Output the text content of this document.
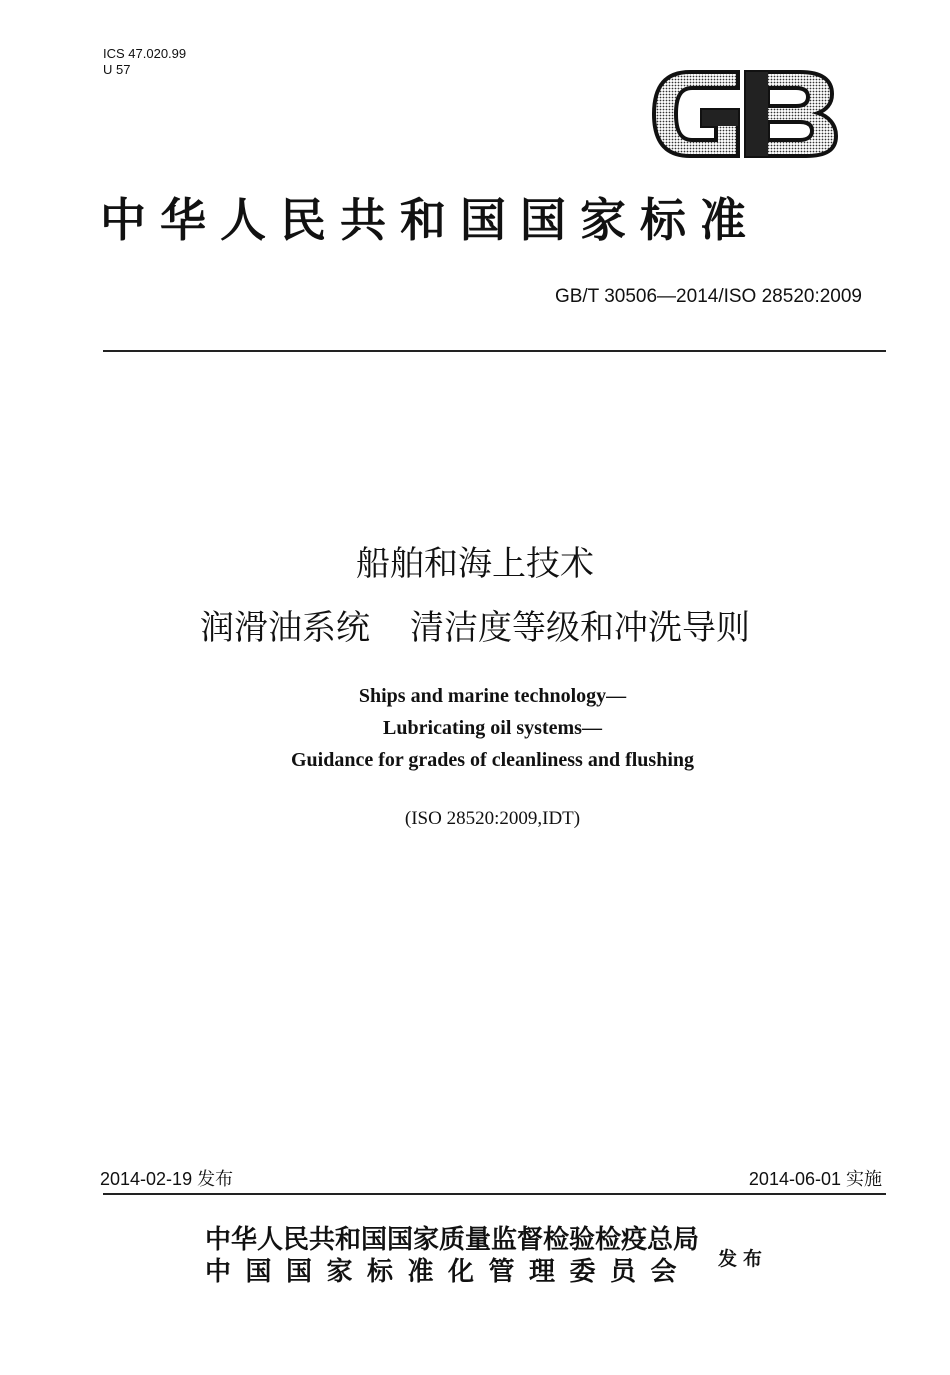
ICS 47.020.99
U 57
中华人民共和国国家标准
GB/T 30506—2014/ISO 28520:2009
船舶和海上技术
润滑油系统 清洁度等级和冲洗导则
Ships and marine technology—
Lubricating oil systems—
Guidance for grades of cleanliness and flushing
(ISO 28520:2009,IDT)
2014-02-19 发布	2014-06-01 实施
中华人民共和国国家质量监督检验检疫总局
中国国家标准化管理委员会 发布
